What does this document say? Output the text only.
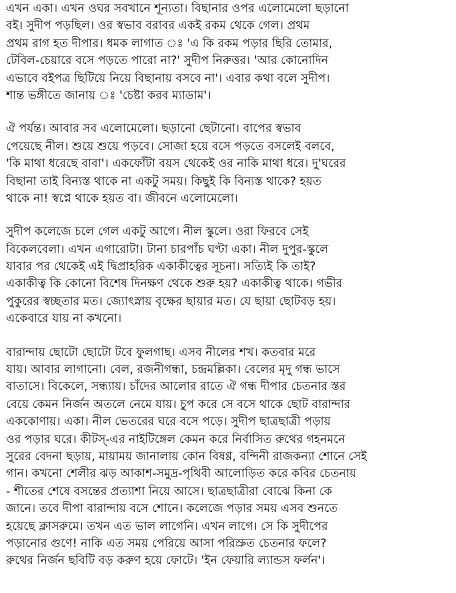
এখন একা। এখন ওঘর সবখানে শূন্যতা। বিছানার ওপর এলোমেলো ছড়ানো
বই। সুদীপ পড়ছিল। ওর স্বভাব বরাবর একই রকম থেকে গেল। প্রথম
প্রথম রাগ হত দীপার। ধমক লাগাত ঃ 'এ কি রকম পড়ার ছিরি তোমার,
টেবিল-চেয়ারে বসে পড়তে পারো না?' সুদীপ নিরুত্তর। 'আর কোনোদিন
এভাবে বইপত্র ছিটিয়ে নিয়ে বিছানায় বসবে না'। এবার কথা বলে সুদীপ।
শান্ত ভঙ্গীতে জানায় ঃ 'চেষ্টা করব ম্যাডাম'।
ঐ পর্যন্ত। আবার সব এলোমেলো। ছড়ানো ছেটানো। বাপের স্বভাব
পেয়েছে নীল। শুয়ে শুয়ে পড়বে। সোজা হয়ে বসে পড়তে বসলেই বলবে,
'কি মাথা ধরেছে বাবা'। একফোঁটা বয়স থেকেই ওর নাকি মাথা ধরে। দু'ঘরের
বিছানা তাই বিন্যস্ত থাকে না একটু সময়। কিছুই কি বিন্যস্ত থাকে? হয়ত
থাকে না! স্বপ্নে থাকে হয়ত বা। জীবনে এলোমেলো।
সুদীপ কলেজে চলে গেল একটু আগে। নীল স্কুলে। ওরা ফিরবে সেই
বিকেলবেলা। এখন এগারোটা। টানা চারপাঁচ ঘণ্টা একা। নীল দুপুর-স্কুলে
যাবার পর থেকেই এই দ্বিপ্রাহরিক একাকীত্বের সূচনা। সত্যিই কি তাই?
একাকীত্ব কি কোনো বিশেষ দিনক্ষণ থেকে শুরু হয়? একাকীত্ব থাকে। গভীর
পুকুরের স্বচ্ছতার মত। জ্যোৎস্নায় বৃক্ষের ছায়ার মত। যে ছায়া ছোটবড় হয়।
একেবারে যায় না কখনো।
বারান্দায় ছোটো ছোটো টবে ফুলগাছ। এসব নীলের শখ। কতবার মরে
যায়। আবার লাগানো। বেল, রজনীগন্ধা, চন্দ্রমল্লিকা। বেলের মৃদু গন্ধ ভাসে
বাতাসে। বিকেলে, সন্ধ্যায়। চাঁদের আলোর রাতে ঐ গন্ধ দীপার চেতনার স্তর
বেয়ে কেমন নির্জন অতলে নেমে যায়। চুপ করে সে বসে থাকে ছোট বারান্দার
এককোণায়। একা। নীল ভেতরের ঘরে বসে পড়ে। সুদীপ ছাত্রছাত্রী পড়ায়
ওর পড়ার ঘরে। কীটস্-এর নাইটিঙ্গেল কেমন করে নির্বাসিত রুথের গহনমনে
সুরের বেদনা ছড়ায়, মায়াময় জানালায় কোন বিষণ্ণ, বন্দিনী রাজকন্যা শোনে সেই
গান। কখনো শেলীর ঝড় আকাশ-সমুদ্র-পৃথিবী আলোড়িত করে কবির চেতনায়
- শীতের শেষে বসন্তের প্রত্যাশা নিয়ে আসে। ছাত্রছাত্রীরা বোঝে কিনা কে
জানে। তবে দীপা বারান্দায় বসে শোনে। কলেজে পড়ার সময় এসব শুনতে
হয়েছে ক্লাসরুমে। তখন এত ভাল লাগেনি। এখন লাগে। সে কি সুদীপের
পড়ানোর গুণে! নাকি এত সময় পেরিয়ে আসা পরিস্রুত চেতনার ফলে?
রুথের নির্জন ছবিটি বড় করুণ হয়ে ফোটে। 'ইন ফেয়ারি ল্যান্ডস ফর্লন'।
